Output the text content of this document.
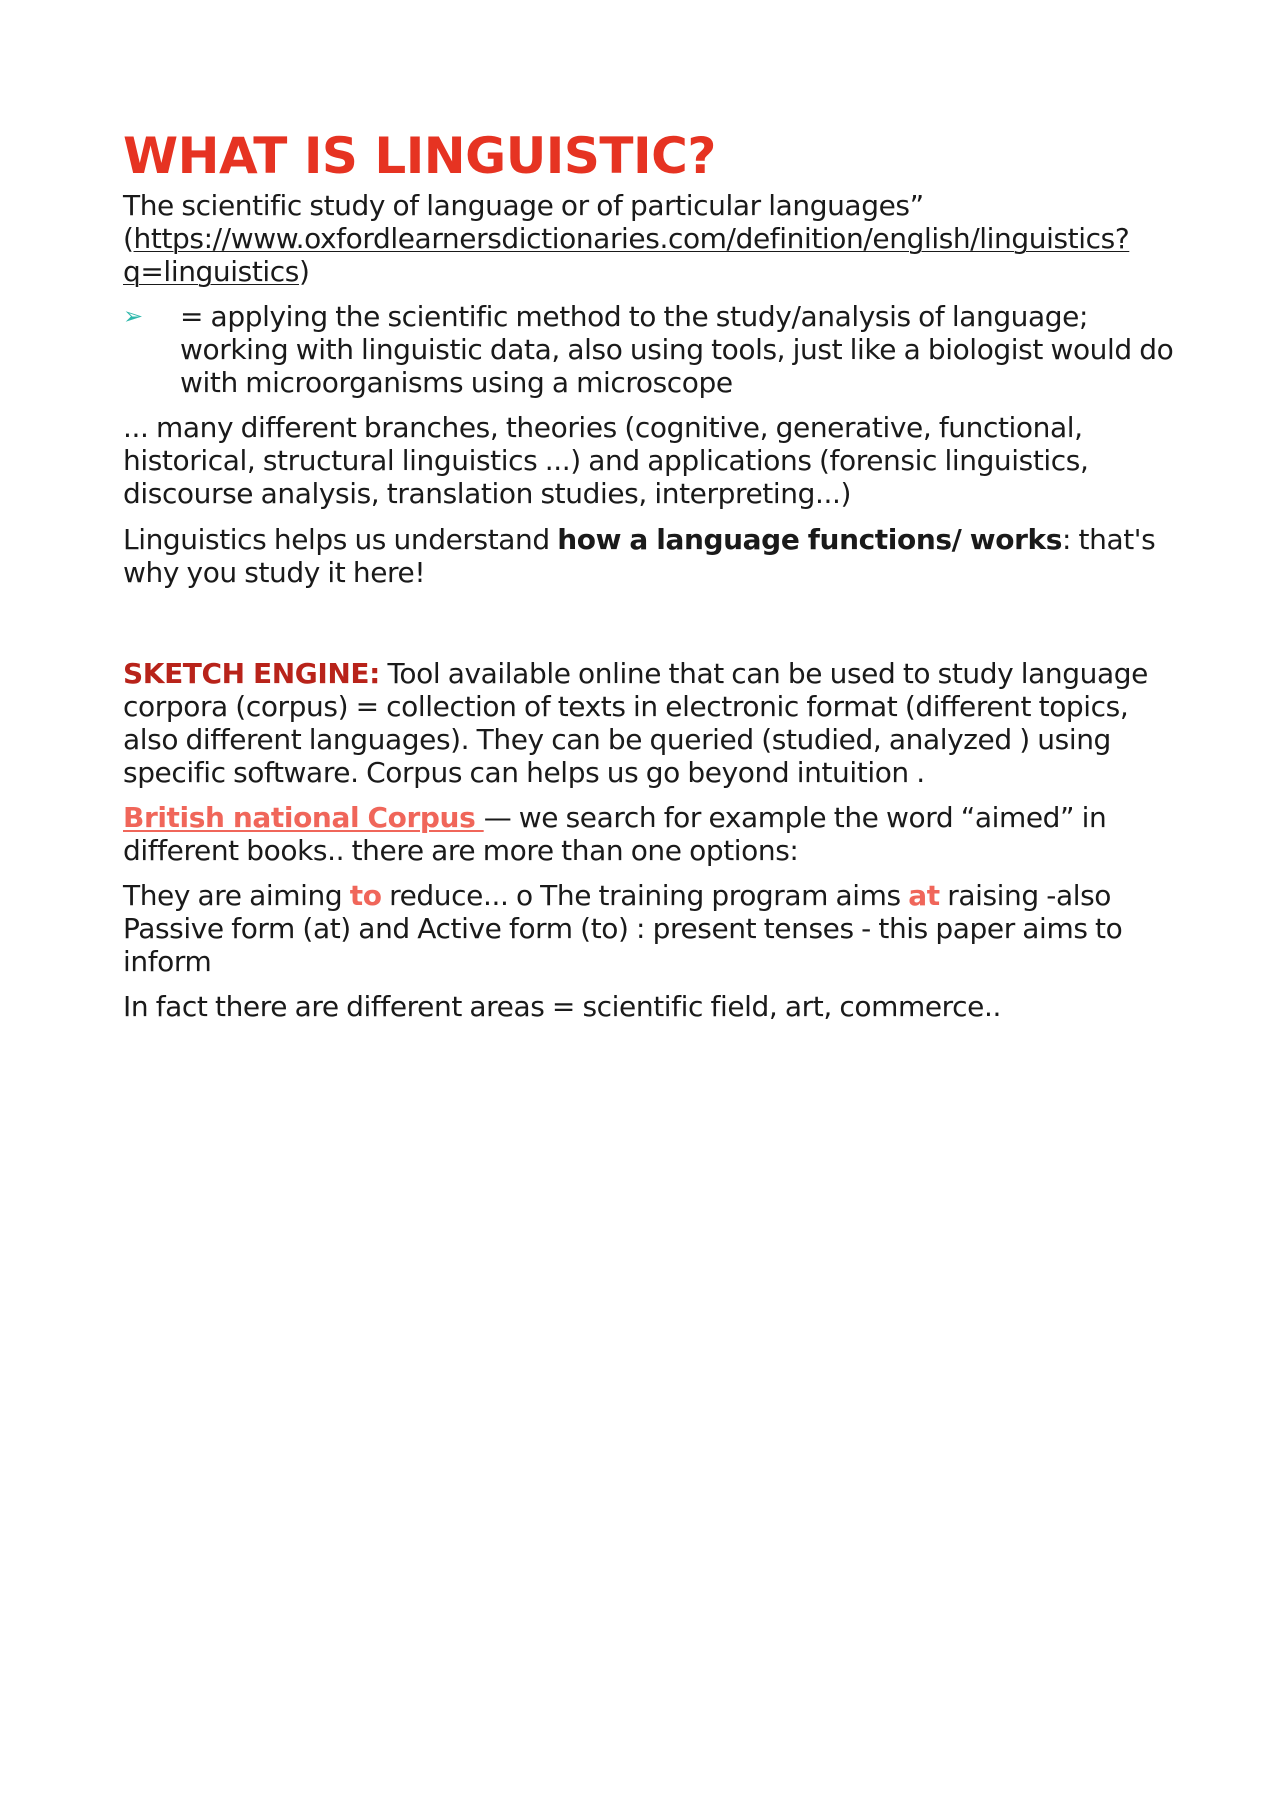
WHAT IS LINGUISTIC?

The scientific study of language or of particular languages”
(https://www.oxfordlearnersdictionaries.com/definition/english/linguistics?q=linguistics)

➢	= applying the scientific method to the study/analysis of language; working with linguistic data, also using tools, just like a biologist would do with microorganisms using a microscope

... many different branches, theories (cognitive, generative, functional, historical, structural linguistics ...) and applications (forensic linguistics, discourse analysis, translation studies, interpreting...)

Linguistics helps us understand how a language functions/ works: that's why you study it here!

SKETCH ENGINE: Tool available online that can be used to study language corpora (corpus) = collection of texts in electronic format (different topics, also different languages). They can be queried (studied, analyzed ) using specific software. Corpus can helps us go beyond intuition .

British national Corpus — we search for example the word “aimed” in different books.. there are more than one options:

They are aiming to reduce... o The training program aims at raising -also Passive form (at) and Active form (to) : present tenses - this paper aims to inform

In fact there are different areas = scientific field, art, commerce..
